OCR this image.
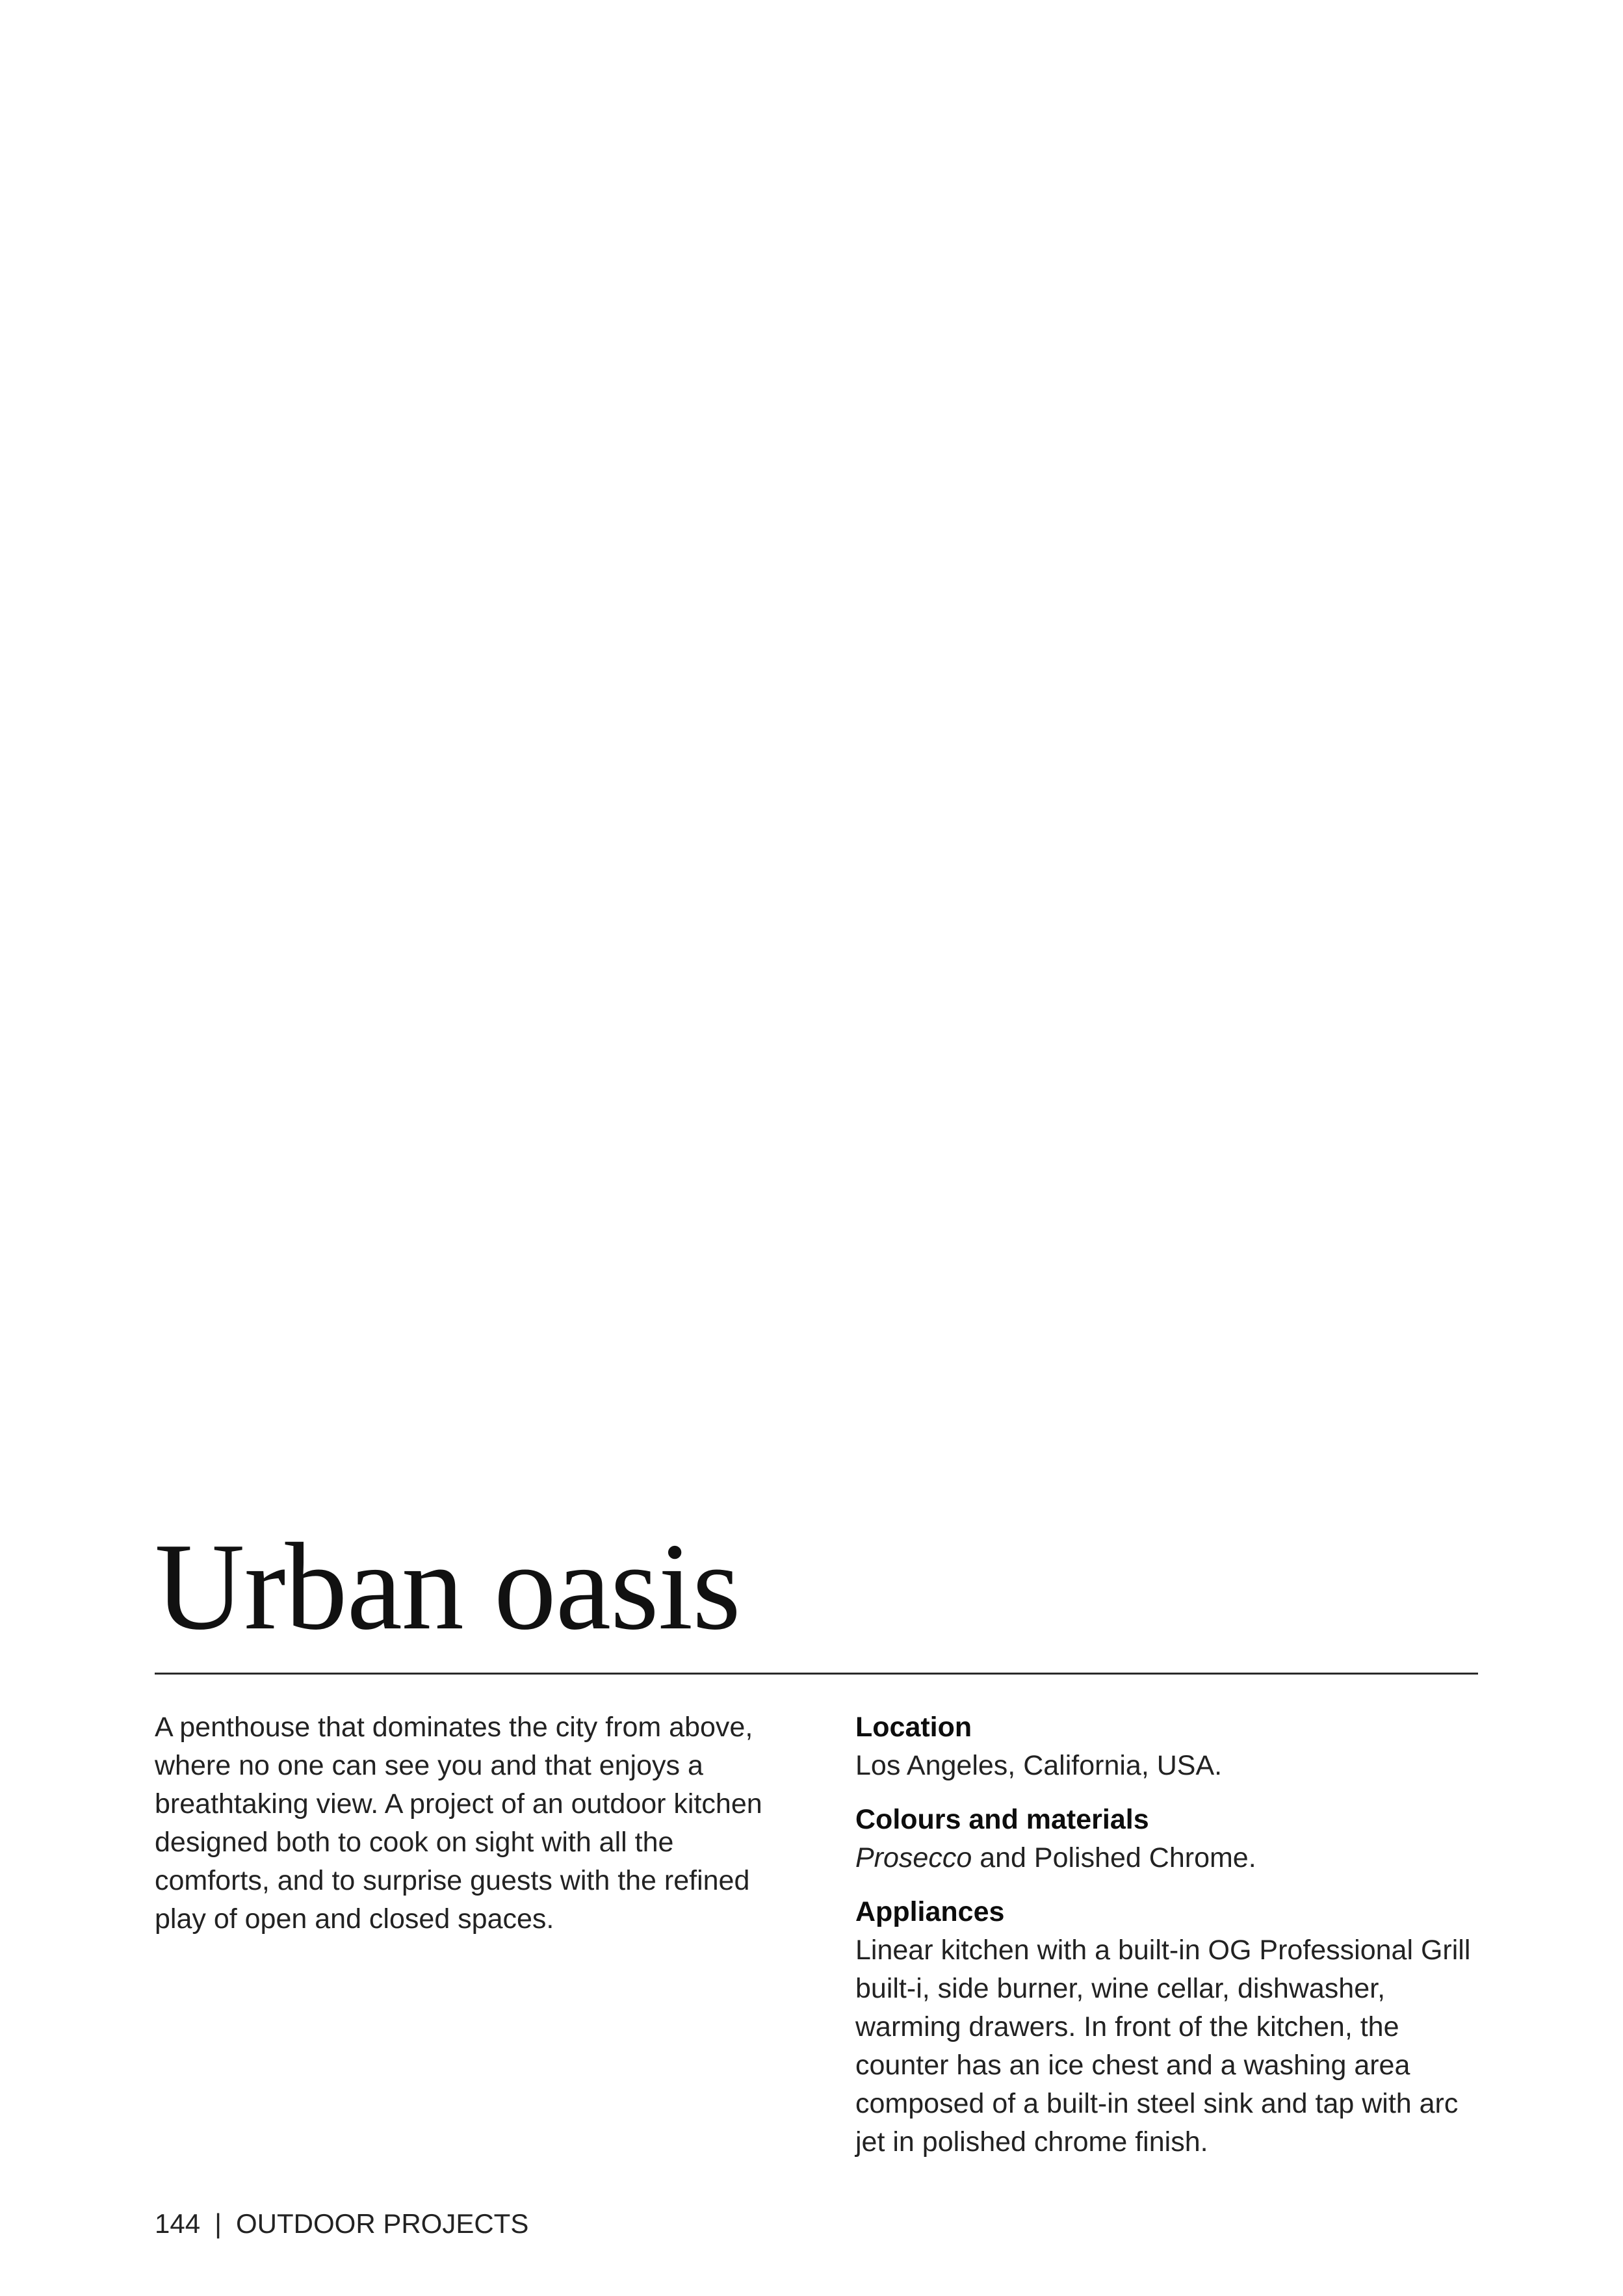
Urban oasis

A penthouse that dominates the city from above, where no one can see you and that enjoys a breathtaking view. A project of an outdoor kitchen designed both to cook on sight with all the comforts, and to surprise guests with the refined play of open and closed spaces.

Location

Los Angeles, California, USA.

Colours and materials

Prosecco and Polished Chrome.

Appliances

Linear kitchen with a built-in OG Professional Grill built-i, side burner, wine cellar, dishwasher, warming drawers. In front of the kitchen, the counter has an ice chest and a washing area composed of a built-in steel sink and tap with arc jet in polished chrome finish.

144 | OUTDOOR PROJECTS
